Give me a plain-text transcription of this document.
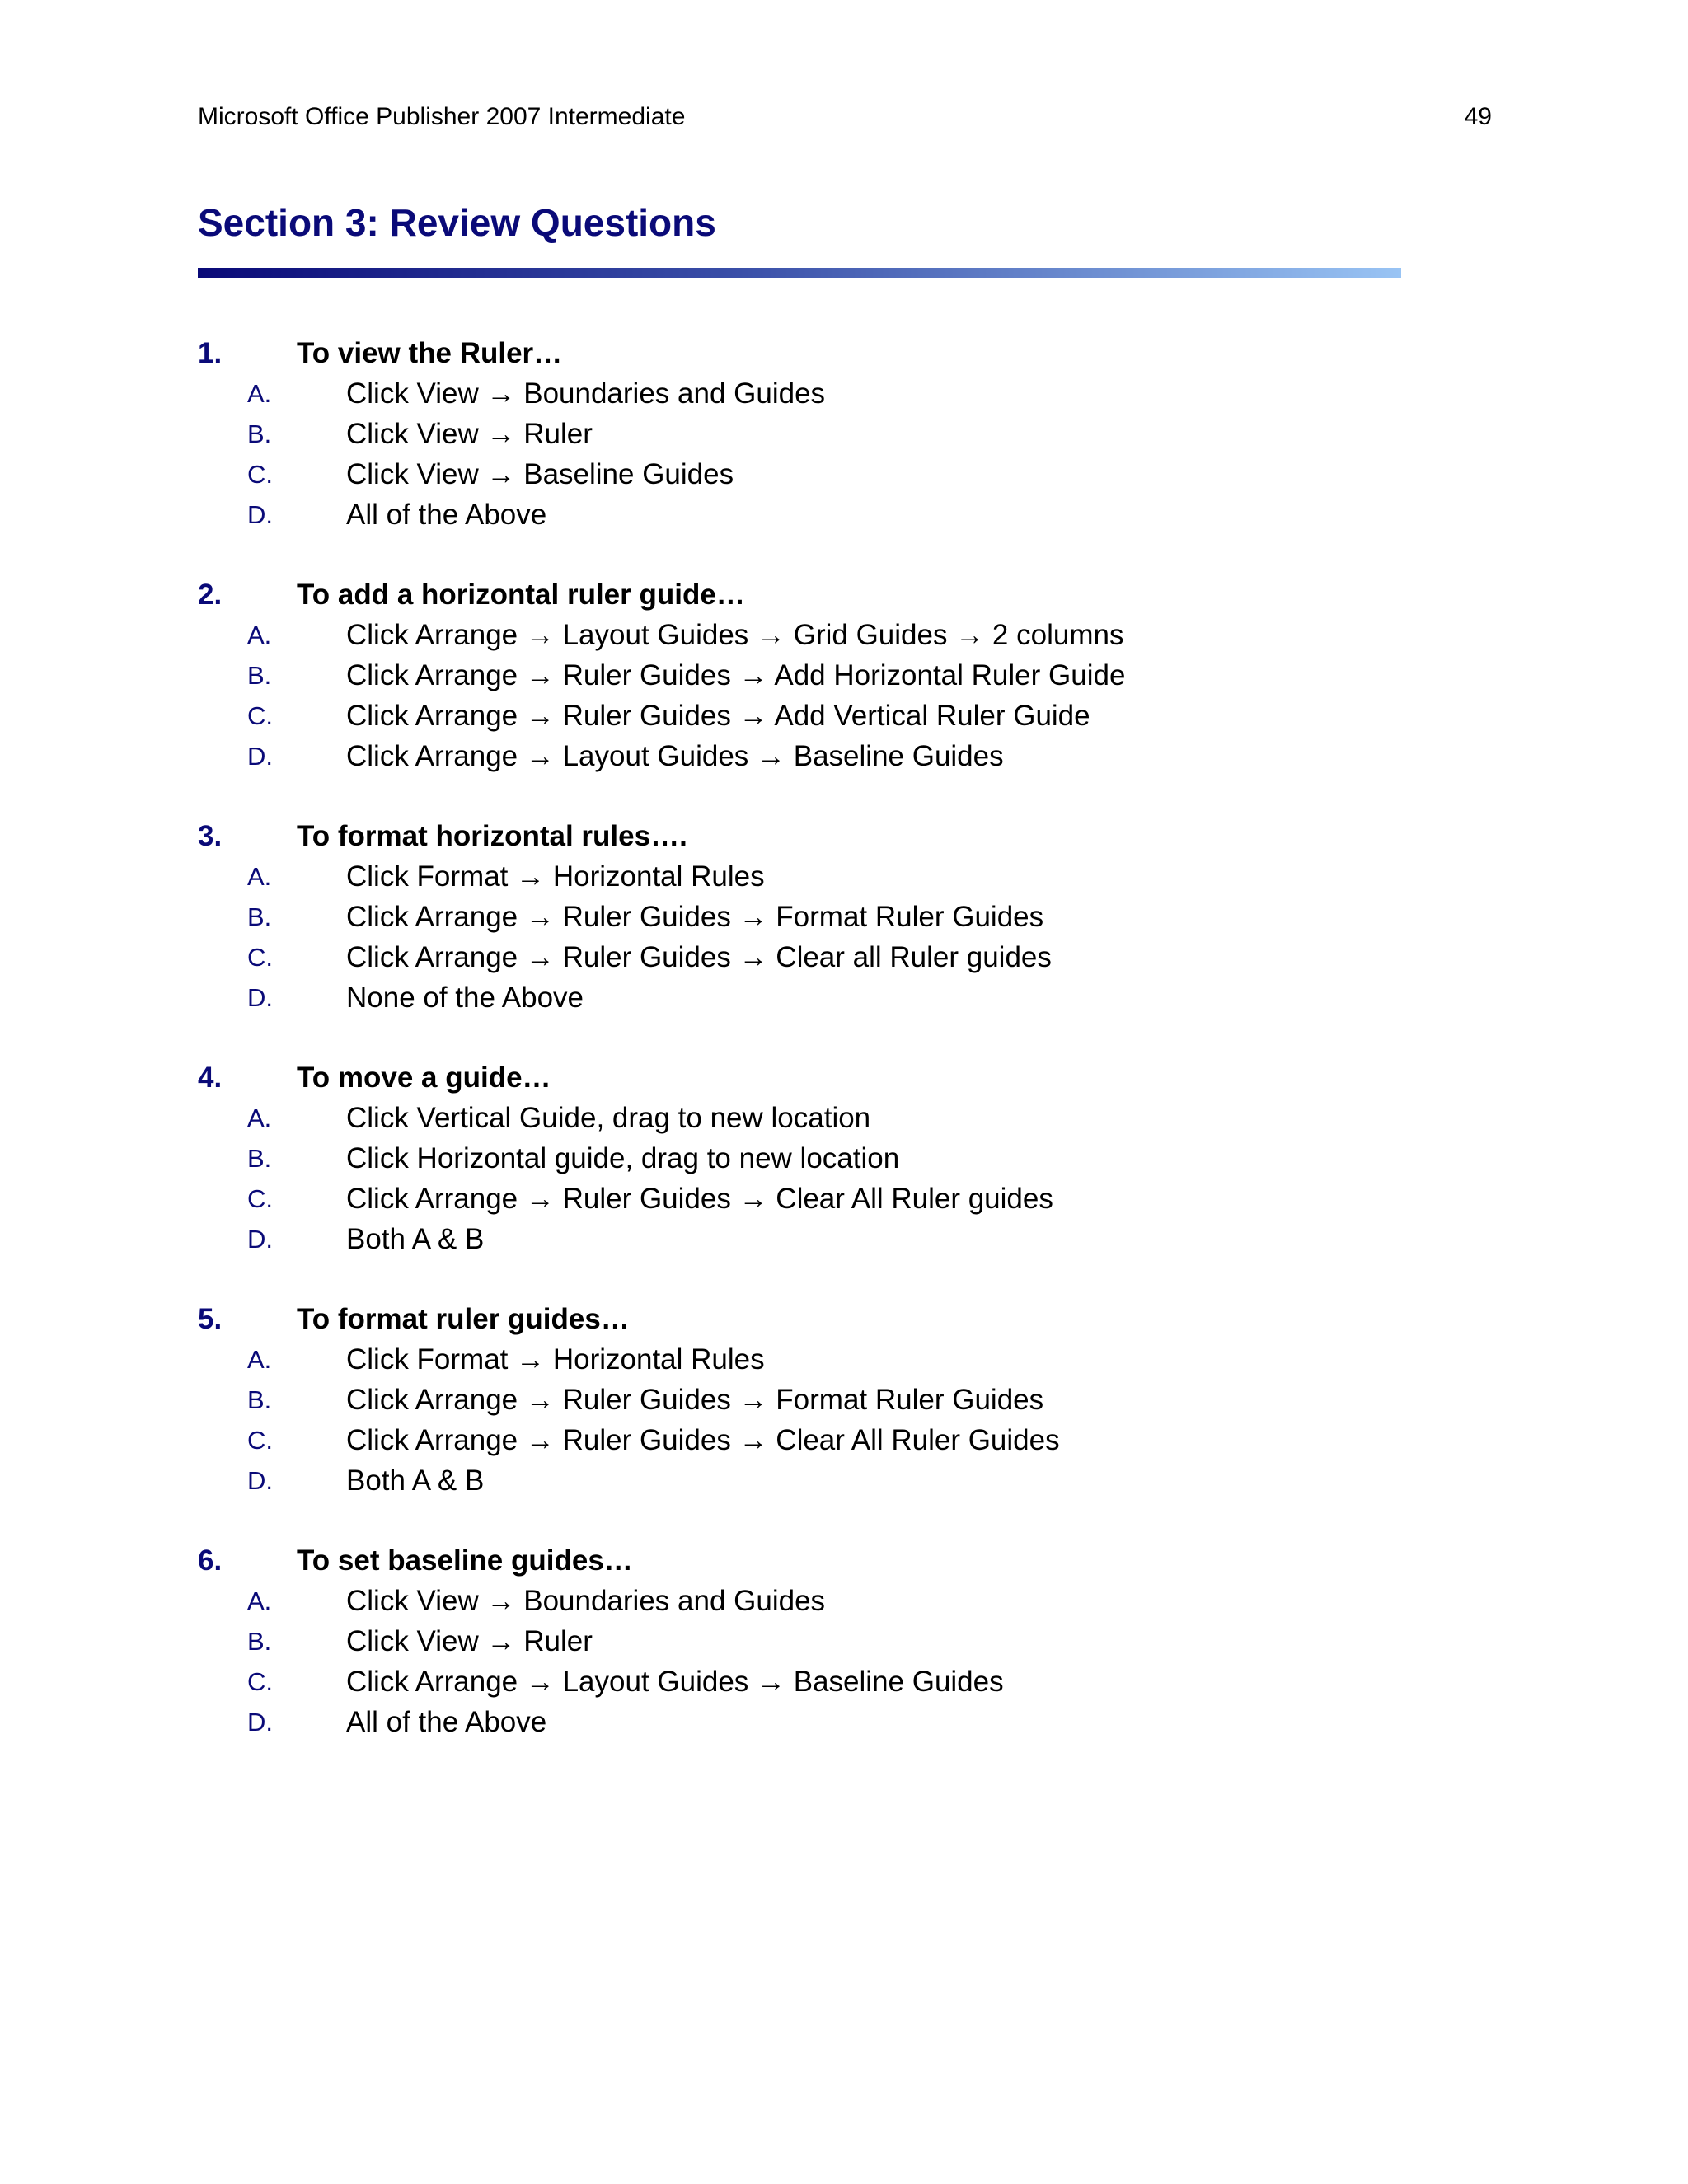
Microsoft Office Publisher 2007 Intermediate	49
Section 3: Review Questions
1.	To view the Ruler…
A.	Click View → Boundaries and Guides
B.	Click View → Ruler
C.	Click View → Baseline Guides
D.	All of the Above
2.	To add a horizontal ruler guide…
A.	Click Arrange → Layout Guides → Grid Guides → 2 columns
B.	Click Arrange → Ruler Guides → Add Horizontal Ruler Guide
C.	Click Arrange → Ruler Guides → Add Vertical Ruler Guide
D.	Click Arrange → Layout Guides → Baseline Guides
3.	To format horizontal rules….
A.	Click Format → Horizontal Rules
B.	Click Arrange → Ruler Guides → Format Ruler Guides
C.	Click Arrange → Ruler Guides → Clear all Ruler guides
D.	None of the Above
4.	To move a guide…
A.	Click Vertical Guide, drag to new location
B.	Click Horizontal guide, drag to new location
C.	Click Arrange → Ruler Guides → Clear All Ruler guides
D.	Both A & B
5.	To format ruler guides…
A.	Click Format → Horizontal Rules
B.	Click Arrange → Ruler Guides → Format Ruler Guides
C.	Click Arrange → Ruler Guides → Clear All Ruler Guides
D.	Both A & B
6.	To set baseline guides…
A.	Click View → Boundaries and Guides
B.	Click View → Ruler
C.	Click Arrange → Layout Guides → Baseline Guides
D.	All of the Above
